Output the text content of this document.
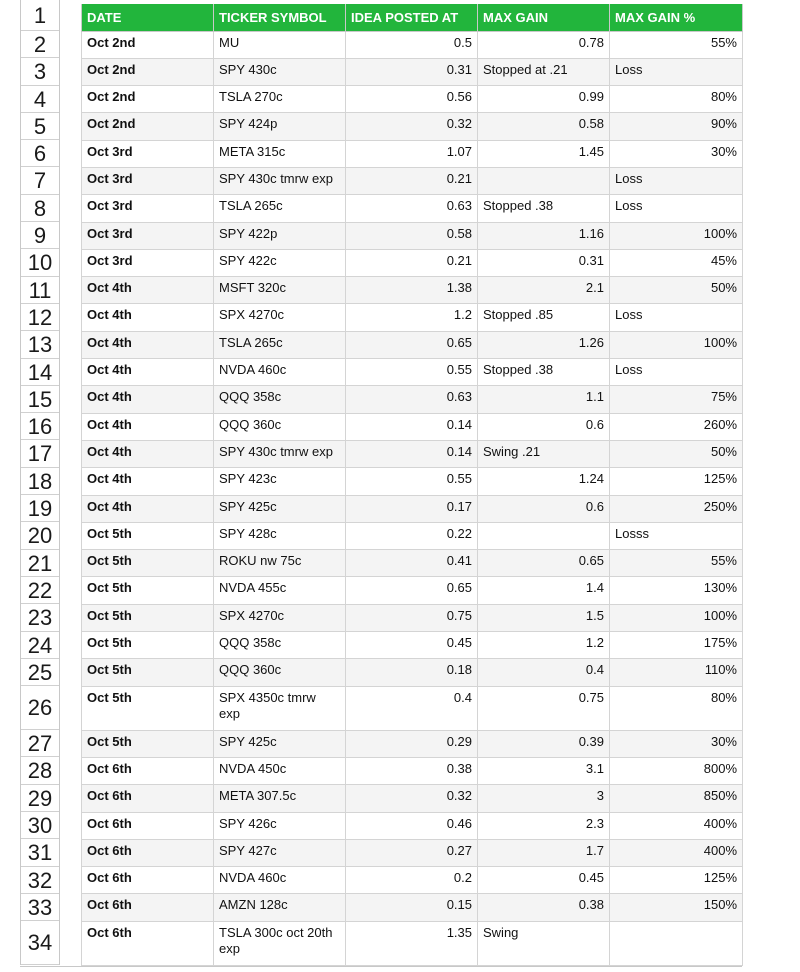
1
2
3
4
5
6
7
8
9
10
11
12
13
14
15
16
17
18
19
20
21
22
23
24
25
26
27
28
29
30
31
32
33
34
DATE	TICKER SYMBOL	IDEA POSTED AT	MAX GAIN	MAX GAIN %
Oct 2nd	MU	0.5	0.78	55%
Oct 2nd	SPY 430c	0.31	Stopped at .21	Loss
Oct 2nd	TSLA 270c	0.56	0.99	80%
Oct 2nd	SPY 424p	0.32	0.58	90%
Oct 3rd	META 315c	1.07	1.45	30%
Oct 3rd	SPY 430c tmrw exp	0.21		Loss
Oct 3rd	TSLA 265c	0.63	Stopped .38	Loss
Oct 3rd	SPY 422p	0.58	1.16	100%
Oct 3rd	SPY 422c	0.21	0.31	45%
Oct 4th	MSFT 320c	1.38	2.1	50%
Oct 4th	SPX 4270c	1.2	Stopped .85	Loss
Oct 4th	TSLA 265c	0.65	1.26	100%
Oct 4th	NVDA 460c	0.55	Stopped .38	Loss
Oct 4th	QQQ 358c	0.63	1.1	75%
Oct 4th	QQQ 360c	0.14	0.6	260%
Oct 4th	SPY 430c tmrw exp	0.14	Swing .21	50%
Oct 4th	SPY 423c	0.55	1.24	125%
Oct 4th	SPY 425c	0.17	0.6	250%
Oct 5th	SPY 428c	0.22		Losss
Oct 5th	ROKU nw 75c	0.41	0.65	55%
Oct 5th	NVDA 455c	0.65	1.4	130%
Oct 5th	SPX 4270c	0.75	1.5	100%
Oct 5th	QQQ 358c	0.45	1.2	175%
Oct 5th	QQQ 360c	0.18	0.4	110%
Oct 5th	SPX 4350c tmrw exp	0.4	0.75	80%
Oct 5th	SPY 425c	0.29	0.39	30%
Oct 6th	NVDA 450c	0.38	3.1	800%
Oct 6th	META 307.5c	0.32	3	850%
Oct 6th	SPY 426c	0.46	2.3	400%
Oct 6th	SPY 427c	0.27	1.7	400%
Oct 6th	NVDA 460c	0.2	0.45	125%
Oct 6th	AMZN 128c	0.15	0.38	150%
Oct 6th	TSLA 300c oct 20th exp	1.35	Swing	
